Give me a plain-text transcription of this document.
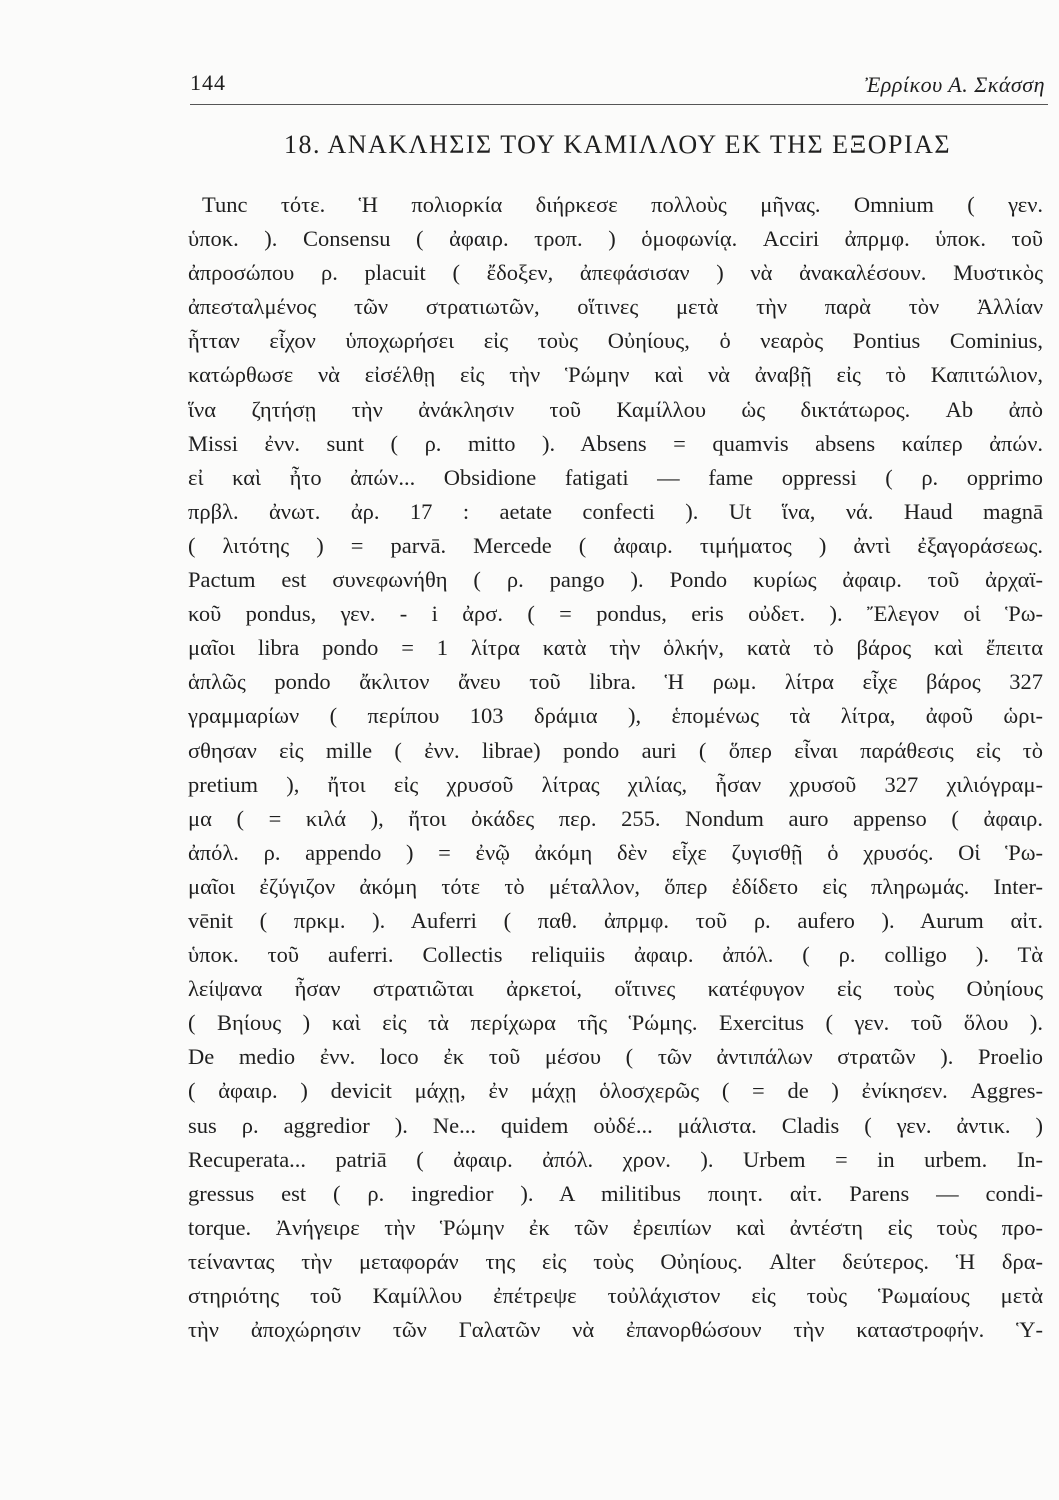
144	Ἐρρίκου Α. Σκάσση
18. ΑΝΑΚΛΗΣΙΣ ΤΟΥ ΚΑΜΙΛΛΟΥ ΕΚ ΤΗΣ ΕΞΟΡΙΑΣ
Tunc τότε. Ἡ πολιορκία διήρκεσε πολλοὺς μῆνας. Omnium ( γεν.
ὑποκ. ). Consensu ( ἀφαιρ. τροπ. ) ὁμοφωνίᾳ. Acciri ἀπρμφ. ὑποκ. τοῦ
ἀπροσώπου ρ. placuit ( ἔδοξεν, ἀπεφάσισαν ) νὰ ἀνακαλέσουν. Μυστικὸς
ἀπεσταλμένος τῶν στρατιωτῶν, οἵτινες μετὰ τὴν παρὰ τὸν Ἀλλίαν
ἧτταν εἶχον ὑποχωρήσει εἰς τοὺς Οὐηίους, ὁ νεαρὸς Pontius Cominius,
κατώρθωσε νὰ εἰσέλθῃ εἰς τὴν Ῥώμην καὶ νὰ ἀναβῇ εἰς τὸ Καπιτώλιον,
ἵνα ζητήσῃ τὴν ἀνάκλησιν τοῦ Καμίλλου ὡς δικτάτωρος. Ab ἀπὸ
Missi ἐνν. sunt ( ρ. mitto ). Absens = quamvis absens καίπερ ἀπών.
εἰ καὶ ἦτο ἀπών... Obsidione fatigati — fame oppressi ( ρ. opprimo
πρβλ. ἀνωτ. ἀρ. 17 : aetate confecti ). Ut ἵνα, νά. Haud magnā
( λιτότης ) = parvā. Mercede ( ἀφαιρ. τιμήματος ) ἀντὶ ἐξαγοράσεως.
Pactum est συνεφωνήθη ( ρ. pango ). Pondo κυρίως ἀφαιρ. τοῦ ἀρχαϊ-
κοῦ pondus, γεν. - i ἀρσ. ( = pondus, eris οὐδετ. ). Ἔλεγον οἱ Ῥω-
μαῖοι libra pondo = 1 λίτρα κατὰ τὴν ὁλκήν, κατὰ τὸ βάρος καὶ ἔπειτα
ἁπλῶς pondo ἄκλιτον ἄνευ τοῦ libra. Ἡ ρωμ. λίτρα εἶχε βάρος 327
γραμμαρίων ( περίπου 103 δράμια ), ἑπομένως τὰ λίτρα, ἀφοῦ ὡρι-
σθησαν εἰς mille ( ἐνν. librae) pondo auri ( ὅπερ εἶναι παράθεσις εἰς τὸ
pretium ), ἤτοι εἰς χρυσοῦ λίτρας χιλίας, ἦσαν χρυσοῦ 327 χιλιόγραμ-
μα ( = κιλά ), ἤτοι ὀκάδες περ. 255. Nondum auro appenso ( ἀφαιρ.
ἀπόλ. ρ. appendo ) = ἐνῷ ἀκόμη δὲν εἶχε ζυγισθῇ ὁ χρυσός. Οἱ Ῥω-
μαῖοι ἐζύγιζον ἀκόμη τότε τὸ μέταλλον, ὅπερ ἐδίδετο εἰς πληρωμάς. Inter-
vēnit ( πρκμ. ). Auferri ( παθ. ἀπρμφ. τοῦ ρ. aufero ). Aurum αἰτ.
ὑποκ. τοῦ auferri. Collectis reliquiis ἀφαιρ. ἀπόλ. ( ρ. colligo ). Τὰ
λείψανα ἦσαν στρατιῶται ἀρκετοί, οἵτινες κατέφυγον εἰς τοὺς Οὐηίους
( Βηίους ) καὶ εἰς τὰ περίχωρα τῆς Ῥώμης. Exercitus ( γεν. τοῦ ὅλου ).
De medio ἐνν. loco ἐκ τοῦ μέσου ( τῶν ἀντιπάλων στρατῶν ). Proelio
( ἀφαιρ. ) devicit μάχῃ, ἐν μάχῃ ὁλοσχερῶς ( = de ) ἐνίκησεν. Aggres-
sus ρ. aggredior ). Ne... quidem οὐδέ... μάλιστα. Cladis ( γεν. ἀντικ. )
Recuperata... patriā ( ἀφαιρ. ἀπόλ. χρον. ). Urbem = in urbem. In-
gressus est ( ρ. ingredior ). A militibus ποιητ. αἰτ. Parens — condi-
torque. Ἀνήγειρε τὴν Ῥώμην ἐκ τῶν ἐρειπίων καὶ ἀντέστη εἰς τοὺς προ-
τείναντας τὴν μεταφοράν της εἰς τοὺς Οὐηίους. Alter δεύτερος. Ἡ δρα-
στηριότης τοῦ Καμίλλου ἐπέτρεψε τοὐλάχιστον εἰς τοὺς Ῥωμαίους μετὰ
τὴν ἀποχώρησιν τῶν Γαλατῶν νὰ ἐπανορθώσουν τὴν καταστροφήν. Ὑ-
